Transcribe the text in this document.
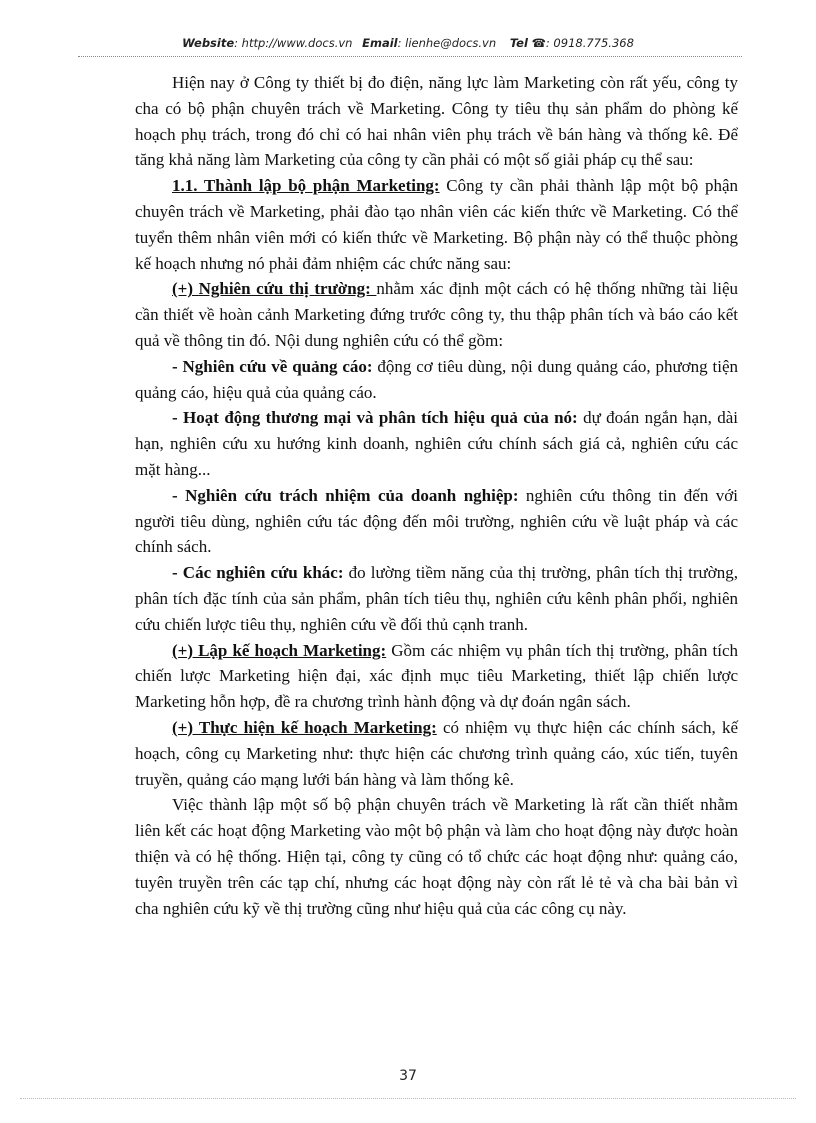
Website: http://www.docs.vn Email: lienhe@docs.vn Tel ☎: 0918.775.368

Hiện nay ở Công ty thiết bị đo điện, năng lực làm Marketing còn rất yếu, công ty cha có bộ phận chuyên trách về Marketing. Công ty tiêu thụ sản phẩm do phòng kế hoạch phụ trách, trong đó chỉ có hai nhân viên phụ trách về bán hàng và thống kê. Để tăng khả năng làm Marketing của công ty cần phải có một số giải pháp cụ thể sau:

1.1. Thành lập bộ phận Marketing: Công ty cần phải thành lập một bộ phận chuyên trách về Marketing, phải đào tạo nhân viên các kiến thức về Marketing. Có thể tuyển thêm nhân viên mới có kiến thức về Marketing. Bộ phận này có thể thuộc phòng kế hoạch nhưng nó phải đảm nhiệm các chức năng sau:

(+) Nghiên cứu thị trường: nhằm xác định một cách có hệ thống những tài liệu cần thiết về hoàn cảnh Marketing đứng trước công ty, thu thập phân tích và báo cáo kết quả về thông tin đó. Nội dung nghiên cứu có thể gồm:

- Nghiên cứu về quảng cáo: động cơ tiêu dùng, nội dung quảng cáo, phương tiện quảng cáo, hiệu quả của quảng cáo.

- Hoạt động thương mại và phân tích hiệu quả của nó: dự đoán ngắn hạn, dài hạn, nghiên cứu xu hướng kinh doanh, nghiên cứu chính sách giá cả, nghiên cứu các mặt hàng...

- Nghiên cứu trách nhiệm của doanh nghiệp: nghiên cứu thông tin đến với người tiêu dùng, nghiên cứu tác động đến môi trường, nghiên cứu về luật pháp và các chính sách.

- Các nghiên cứu khác: đo lường tiềm năng của thị trường, phân tích thị trường, phân tích đặc tính của sản phẩm, phân tích tiêu thụ, nghiên cứu kênh phân phối, nghiên cứu chiến lược tiêu thụ, nghiên cứu về đối thủ cạnh tranh.

(+) Lập kế hoạch Marketing: Gồm các nhiệm vụ phân tích thị trường, phân tích chiến lược Marketing hiện đại, xác định mục tiêu Marketing, thiết lập chiến lược Marketing hỗn hợp, đề ra chương trình hành động và dự đoán ngân sách.

(+) Thực hiện kế hoạch Marketing: có nhiệm vụ thực hiện các chính sách, kế hoạch, công cụ Marketing như: thực hiện các chương trình quảng cáo, xúc tiến, tuyên truyền, quảng cáo mạng lưới bán hàng và làm thống kê.

Việc thành lập một số bộ phận chuyên trách về Marketing là rất cần thiết nhằm liên kết các hoạt động Marketing vào một bộ phận và làm cho hoạt động này được hoàn thiện và có hệ thống. Hiện tại, công ty cũng có tổ chức các hoạt động như: quảng cáo, tuyên truyền trên các tạp chí, nhưng các hoạt động này còn rất lẻ tẻ và cha bài bản vì cha nghiên cứu kỹ về thị trường cũng như hiệu quả của các công cụ này.

37
